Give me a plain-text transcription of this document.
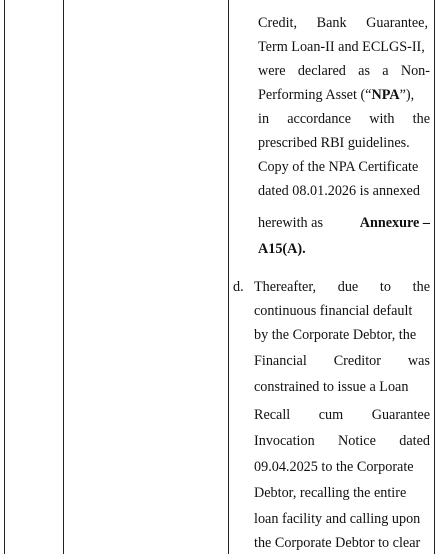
Credit, Bank Guarantee,
Term Loan-II and ECLGS-II,
were declared as a Non-
Performing Asset (“NPA”),
in accordance with the
prescribed RBI guidelines.
Copy of the NPA Certificate
dated 08.01.2026 is annexed
herewith as	Annexure –
A15(A).
d. Thereafter, due to the
continuous financial default
by the Corporate Debtor, the
Financial Creditor was
constrained to issue a Loan
Recall cum Guarantee
Invocation Notice dated
09.04.2025 to the Corporate
Debtor, recalling the entire
loan facility and calling upon
the Corporate Debtor to clear
